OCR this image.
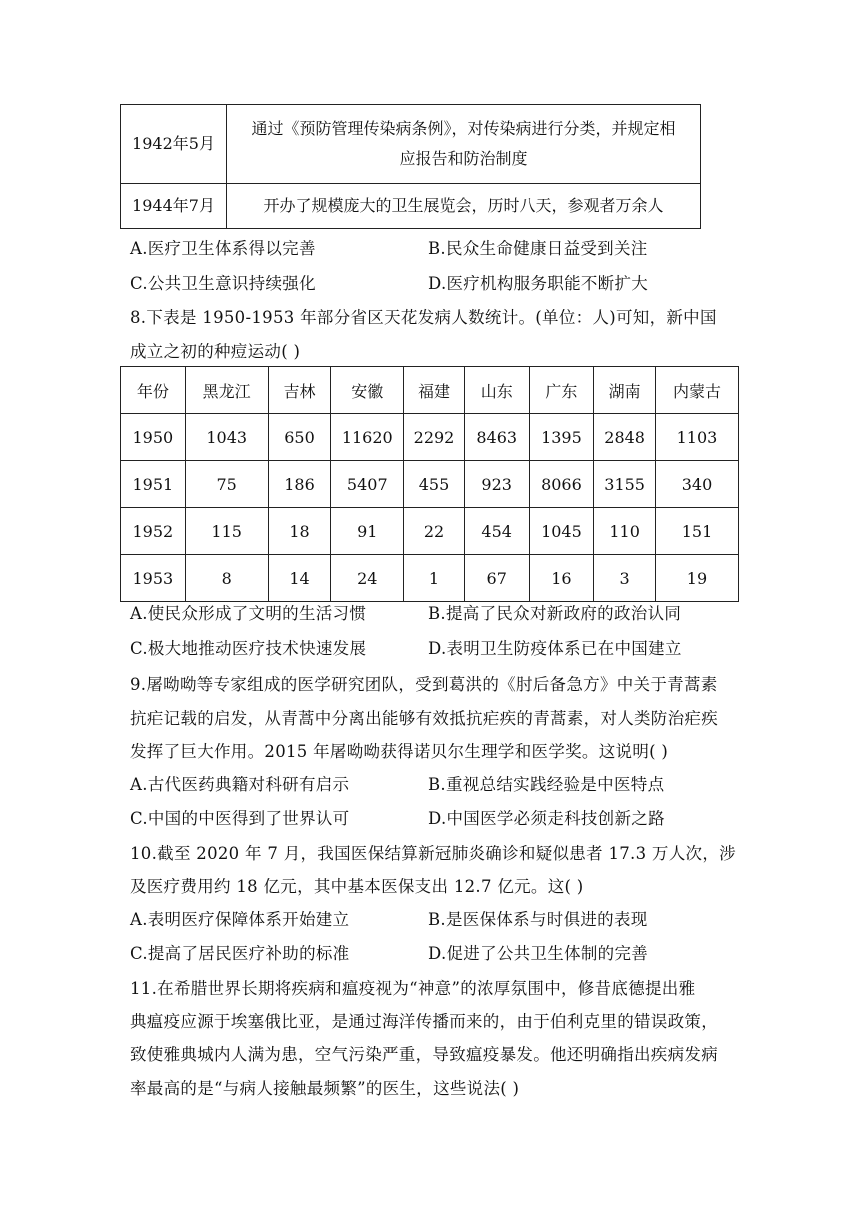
1942年5月	通过《预防管理传染病条例》，对传染病进行分类，并规定相
应报告和防治制度

1944年7月	开办了规模庞大的卫生展览会，历时八天，参观者万余人
A.医疗卫生体系得以完善	B.民众生命健康日益受到关注
C.公共卫生意识持续强化	D.医疗机构服务职能不断扩大
8.下表是 1950-1953 年部分省区天花发病人数统计。(单位：人)可知，新中国
成立之初的种痘运动( )
年份	黑龙江	吉林	安徽	福建	山东	广东	湖南	内蒙古
1950	1043	650	11620	2292	8463	1395	2848	1103
1951	75	186	5407	455	923	8066	3155	340
1952	115	18	91	22	454	1045	110	151
1953	8	14	24	1	67	16	3	19
A.使民众形成了文明的生活习惯	B.提高了民众对新政府的政治认同
C.极大地推动医疗技术快速发展	D.表明卫生防疫体系已在中国建立
9.屠呦呦等专家组成的医学研究团队，受到葛洪的《肘后备急方》中关于青蒿素
抗疟记载的启发，从青蒿中分离出能够有效抵抗疟疾的青蒿素，对人类防治疟疾
发挥了巨大作用。2015 年屠呦呦获得诺贝尔生理学和医学奖。这说明( )
A.古代医药典籍对科研有启示	B.重视总结实践经验是中医特点
C.中国的中医得到了世界认可	D.中国医学必须走科技创新之路
10.截至 2020 年 7 月，我国医保结算新冠肺炎确诊和疑似患者 17.3 万人次，涉
及医疗费用约 18 亿元，其中基本医保支出 12.7 亿元。这( )
A.表明医疗保障体系开始建立	B.是医保体系与时俱进的表现
C.提高了居民医疗补助的标准	D.促进了公共卫生体制的完善
11.在希腊世界长期将疾病和瘟疫视为“神意”的浓厚氛围中，修昔底德提出雅
典瘟疫应源于埃塞俄比亚，是通过海洋传播而来的，由于伯利克里的错误政策，
致使雅典城内人满为患，空气污染严重，导致瘟疫暴发。他还明确指出疾病发病
率最高的是“与病人接触最频繁”的医生，这些说法( )
